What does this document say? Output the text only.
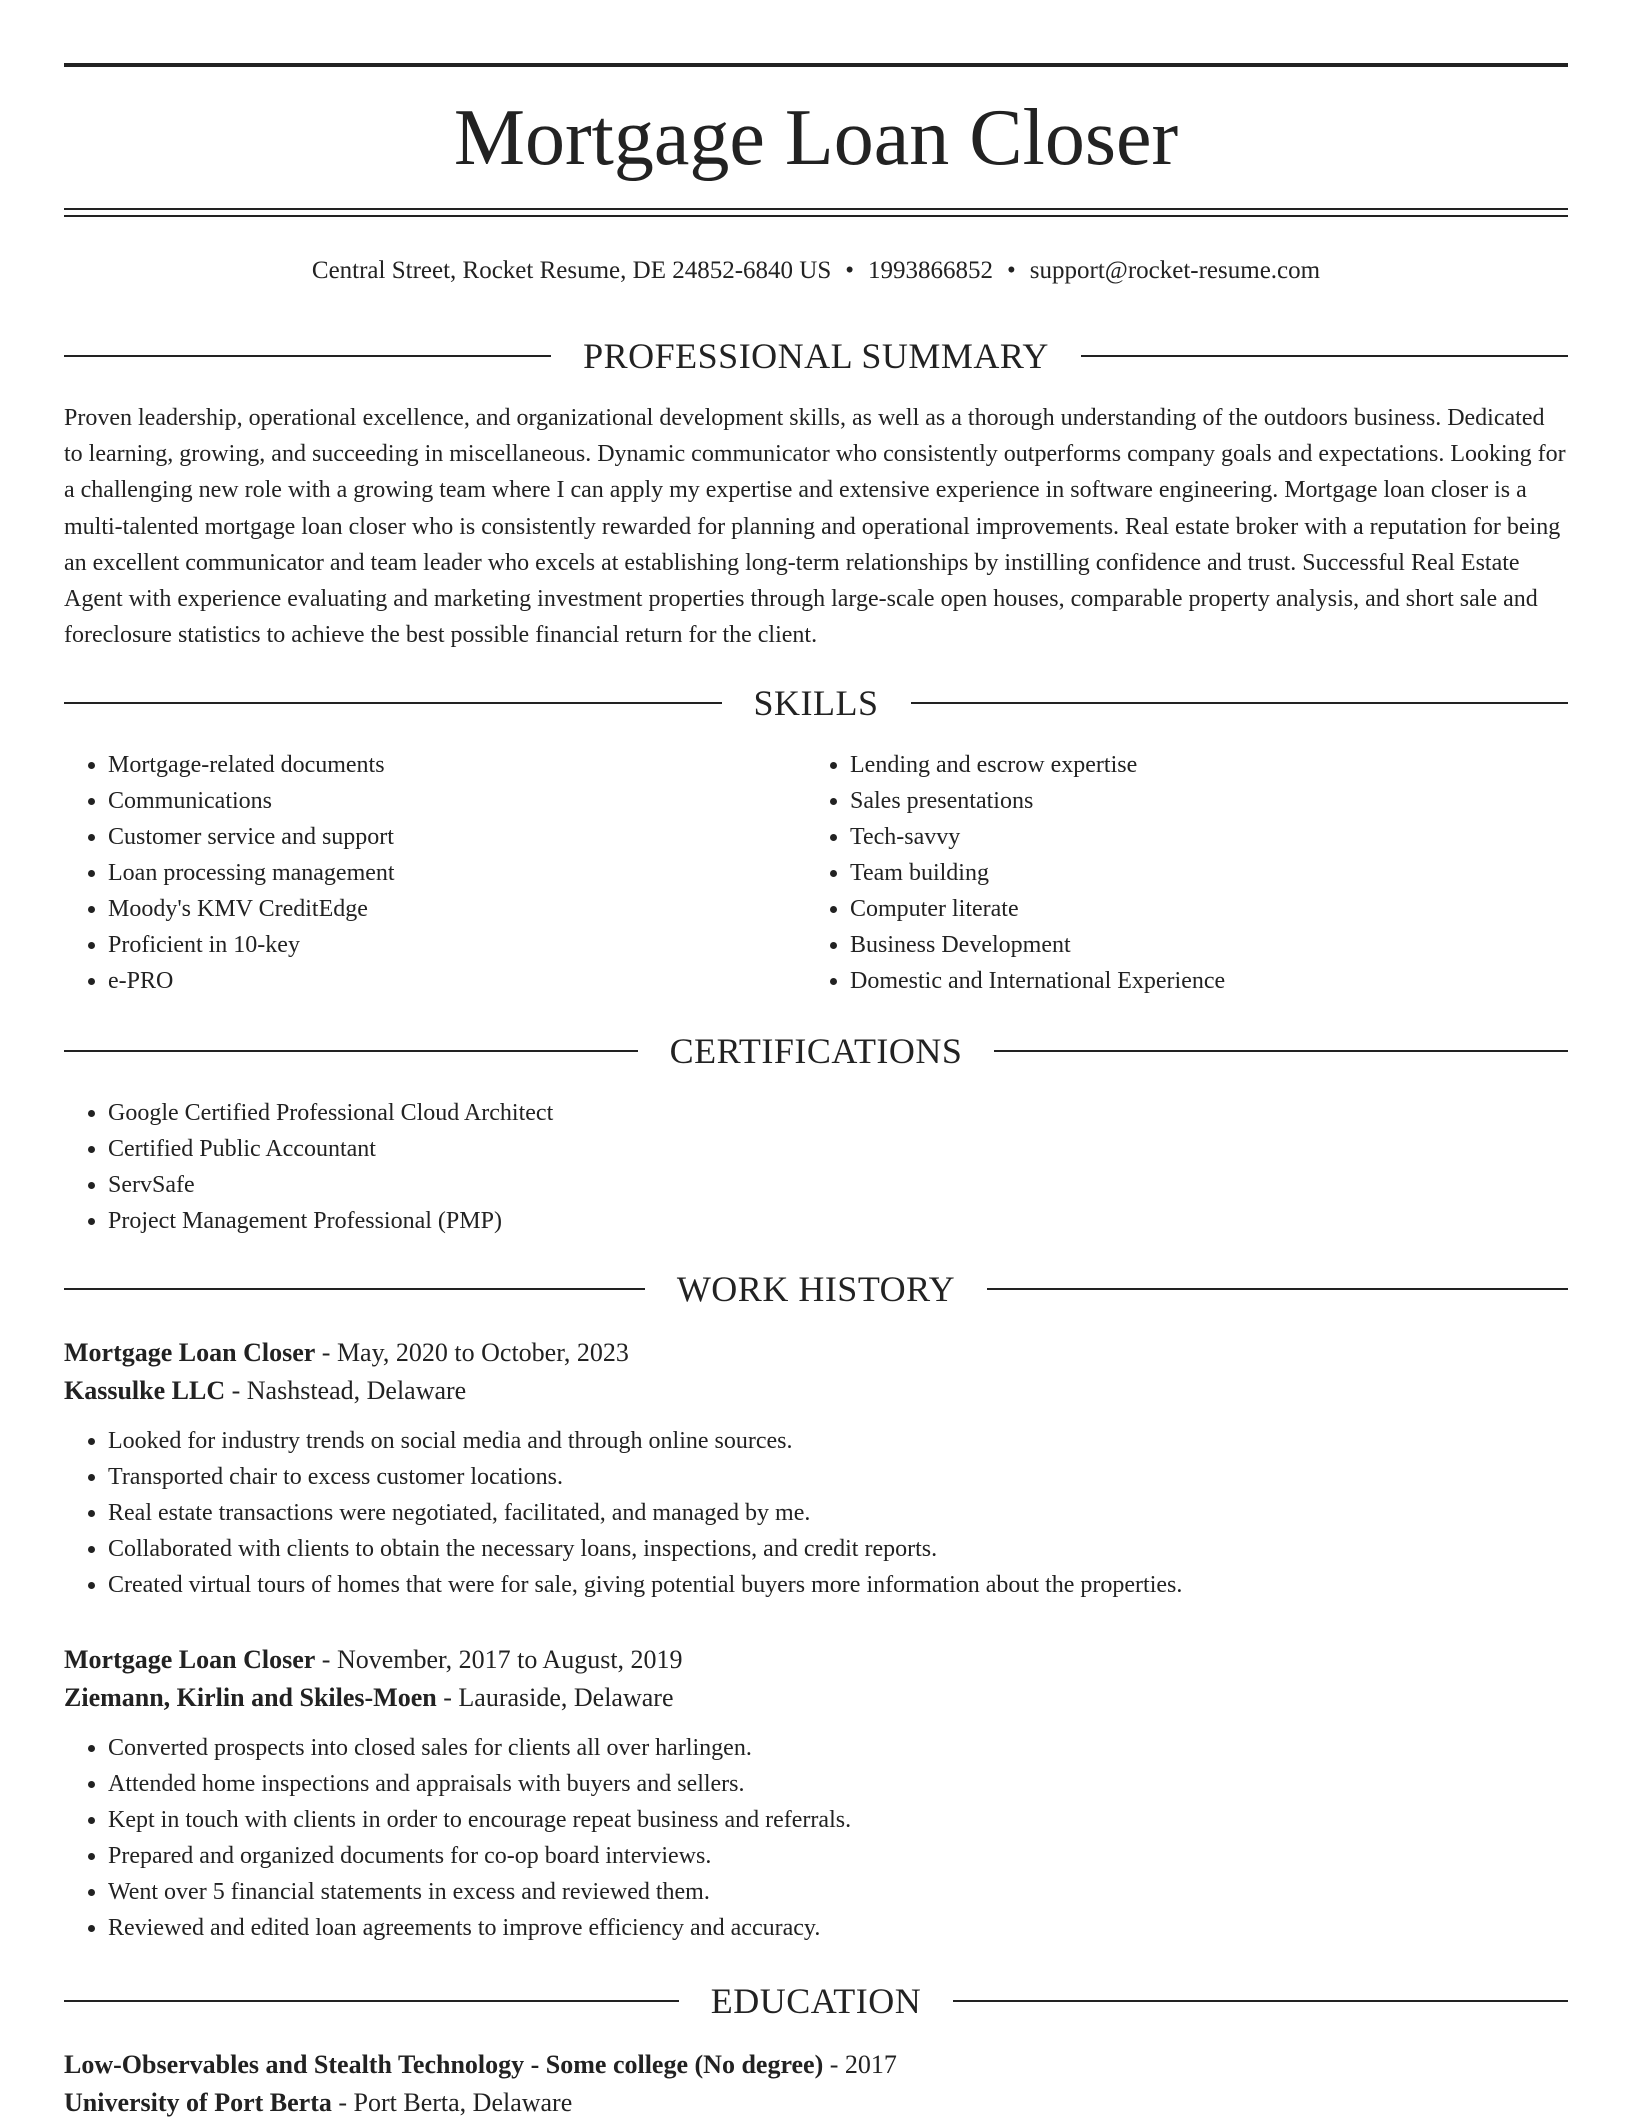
Mortgage Loan Closer
Central Street, Rocket Resume, DE 24852-6840 US • 1993866852 • support@rocket-resume.com
PROFESSIONAL SUMMARY

Proven leadership, operational excellence, and organizational development skills, as well as a thorough understanding of the outdoors business. Dedicated to learning, growing, and succeeding in miscellaneous. Dynamic communicator who consistently outperforms company goals and expectations. Looking for a challenging new role with a growing team where I can apply my expertise and extensive experience in software engineering. Mortgage loan closer is a multi-talented mortgage loan closer who is consistently rewarded for planning and operational improvements. Real estate broker with a reputation for being an excellent communicator and team leader who excels at establishing long-term relationships by instilling confidence and trust. Successful Real Estate Agent with experience evaluating and marketing investment properties through large-scale open houses, comparable property analysis, and short sale and foreclosure statistics to achieve the best possible financial return for the client.

SKILLS
• Mortgage-related documents
• Communications
• Customer service and support
• Loan processing management
• Moody's KMV CreditEdge
• Proficient in 10-key
• e-PRO
• Lending and escrow expertise
• Sales presentations
• Tech-savvy
• Team building
• Computer literate
• Business Development
• Domestic and International Experience
CERTIFICATIONS
• Google Certified Professional Cloud Architect
• Certified Public Accountant
• ServSafe
• Project Management Professional (PMP)
WORK HISTORY

Mortgage Loan Closer - May, 2020 to October, 2023

Kassulke LLC - Nashstead, Delaware

• Looked for industry trends on social media and through online sources.
• Transported chair to excess customer locations.
• Real estate transactions were negotiated, facilitated, and managed by me.
• Collaborated with clients to obtain the necessary loans, inspections, and credit reports.
• Created virtual tours of homes that were for sale, giving potential buyers more information about the properties.

Mortgage Loan Closer - November, 2017 to August, 2019

Ziemann, Kirlin and Skiles-Moen - Lauraside, Delaware

• Converted prospects into closed sales for clients all over harlingen.
• Attended home inspections and appraisals with buyers and sellers.
• Kept in touch with clients in order to encourage repeat business and referrals.
• Prepared and organized documents for co-op board interviews.
• Went over 5 financial statements in excess and reviewed them.
• Reviewed and edited loan agreements to improve efficiency and accuracy.
EDUCATION

Low-Observables and Stealth Technology - Some college (No degree) - 2017

University of Port Berta - Port Berta, Delaware
